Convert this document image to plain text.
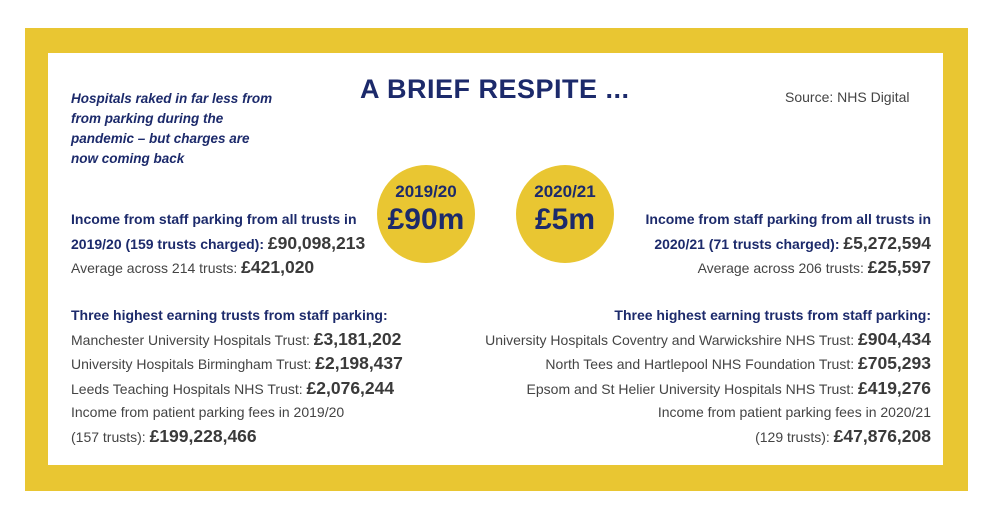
Hospitals raked in far less from from parking during the pandemic – but charges are now coming back
A BRIEF RESPITE ...	Source: NHS Digital
2019/20
£90m
2020/21
£5m
Income from staff parking from all trusts in
2019/20 (159 trusts charged): £90,098,213
Average across 214 trusts: £421,020
Three highest earning trusts from staff parking:
Manchester University Hospitals Trust: £3,181,202
University Hospitals Birmingham Trust: £2,198,437
Leeds Teaching Hospitals NHS Trust: £2,076,244
Income from patient parking fees in 2019/20
(157 trusts): £199,228,466
Income from staff parking from all trusts in
2020/21 (71 trusts charged): £5,272,594
Average across 206 trusts: £25,597
Three highest earning trusts from staff parking:
University Hospitals Coventry and Warwickshire NHS Trust: £904,434
North Tees and Hartlepool NHS Foundation Trust: £705,293
Epsom and St Helier University Hospitals NHS Trust: £419,276
Income from patient parking fees in 2020/21
(129 trusts): £47,876,208
